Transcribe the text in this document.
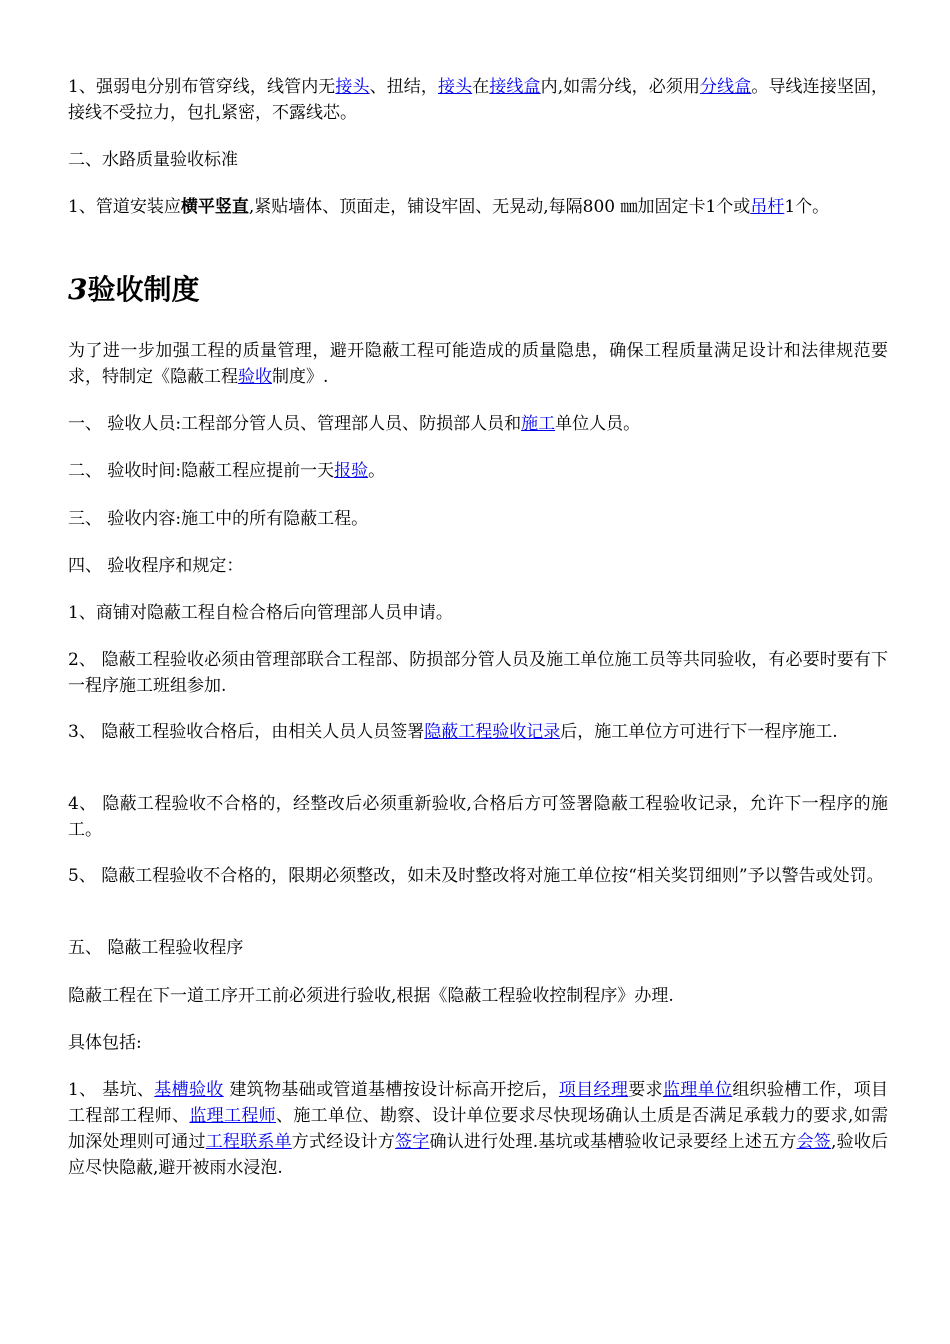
1、强弱电分别布管穿线，线管内无接头、扭结，接头在接线盒内,如需分线，必须用分线盒。导线连接坚固，接线不受拉力，包扎紧密，不露线芯。

二、水路质量验收标准

1、管道安装应横平竖直,紧贴墙体、顶面走，铺设牢固、无晃动,每隔800 ㎜加固定卡1个或吊杆1个。

3验收制度

为了进一步加强工程的质量管理，避开隐蔽工程可能造成的质量隐患，确保工程质量满足设计和法律规范要求，特制定《隐蔽工程验收制度》.

一、 验收人员:工程部分管人员、管理部人员、防损部人员和施工单位人员。

二、 验收时间:隐蔽工程应提前一天报验。

三、 验收内容:施工中的所有隐蔽工程。

四、 验收程序和规定：

1、商铺对隐蔽工程自检合格后向管理部人员申请。

2、 隐蔽工程验收必须由管理部联合工程部、防损部分管人员及施工单位施工员等共同验收，有必要时要有下一程序施工班组参加.

3、 隐蔽工程验收合格后，由相关人员人员签署隐蔽工程验收记录后，施工单位方可进行下一程序施工.

4、 隐蔽工程验收不合格的，经整改后必须重新验收,合格后方可签署隐蔽工程验收记录，允许下一程序的施工。

5、 隐蔽工程验收不合格的，限期必须整改，如未及时整改将对施工单位按“相关奖罚细则”予以警告或处罚。

五、 隐蔽工程验收程序

隐蔽工程在下一道工序开工前必须进行验收,根据《隐蔽工程验收控制程序》办理.

具体包括:

1、 基坑、基槽验收 建筑物基础或管道基槽按设计标高开挖后，项目经理要求监理单位组织验槽工作，项目工程部工程师、监理工程师、施工单位、勘察、设计单位要求尽快现场确认土质是否满足承载力的要求,如需加深处理则可通过工程联系单方式经设计方签字确认进行处理.基坑或基槽验收记录要经上述五方会签,验收后应尽快隐蔽,避开被雨水浸泡.
